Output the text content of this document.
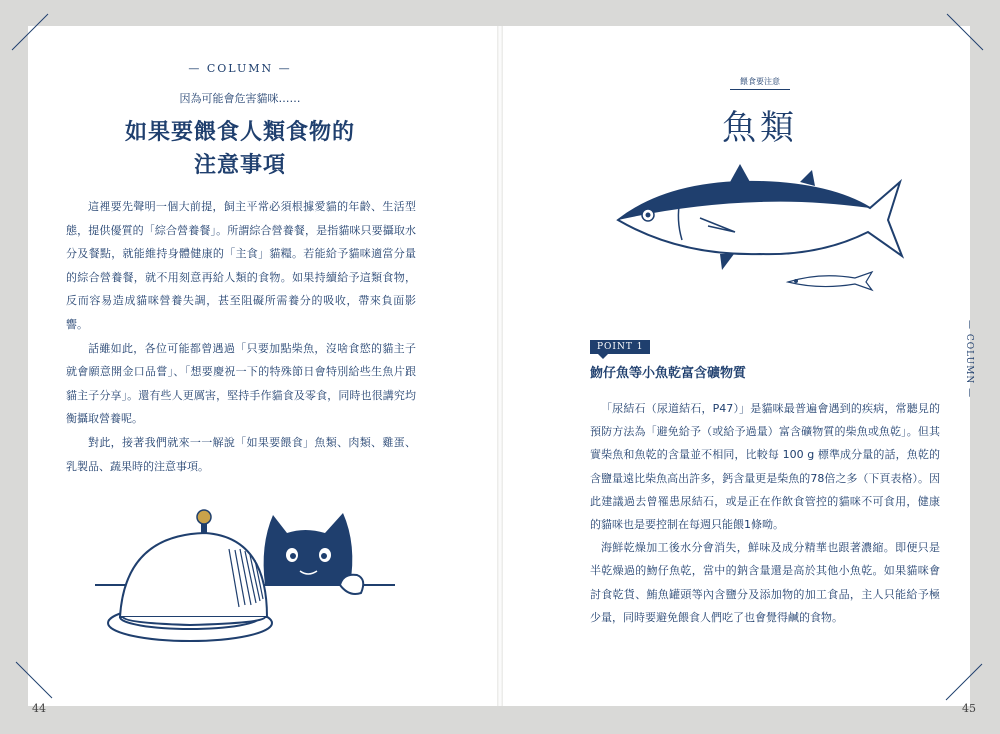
— COLUMN —
因為可能會危害貓咪……
如果要餵食人類食物的
注意事項

這裡要先聲明一個大前提，飼主平常必須根據愛貓的年齡、生活型態，提供優質的「綜合營養餐」。所謂綜合營養餐，是指貓咪只要攝取水分及餐點，就能維持身體健康的「主食」貓糧。若能給予貓咪適當分量的綜合營養餐，就不用刻意再給人類的食物。如果持續給予這類食物，反而容易造成貓咪營養失調，甚至阻礙所需養分的吸收，帶來負面影響。

話雖如此，各位可能都曾遇過「只要加點柴魚，沒啥食慾的貓主子就會願意開金口品嘗」、「想要慶祝一下的特殊節日會特別給些生魚片跟貓主子分享」。還有些人更厲害，堅持手作貓食及零食，同時也很講究均衡攝取營養呢。

對此，接著我們就來一一解說「如果要餵食」魚類、肉類、雞蛋、乳製品、蔬果時的注意事項。

44
餵食要注意
魚類
POINT 1
魩仔魚等小魚乾富含礦物質

「尿結石（尿道結石，P47）」是貓咪最普遍會遇到的疾病，常聽見的預防方法為「避免給予（或給予過量）富含礦物質的柴魚或魚乾」。但其實柴魚和魚乾的含量並不相同，比較每 100 g 標準成分量的話，魚乾的含鹽量遠比柴魚高出許多，鈣含量更是柴魚的78倍之多（下頁表格）。因此建議過去曾罹患尿結石，或是正在作飲食管控的貓咪不可食用，健康的貓咪也是要控制在每週只能餵1條呦。

海鮮乾燥加工後水分會消失，鮮味及成分精華也跟著濃縮。即便只是半乾燥過的魩仔魚乾，當中的鈉含量還是高於其他小魚乾。如果貓咪會討食乾貨、鮪魚罐頭等內含鹽分及添加物的加工食品，主人只能給予極少量，同時要避免餵食人們吃了也會覺得鹹的食物。

— COLUMN —
45
